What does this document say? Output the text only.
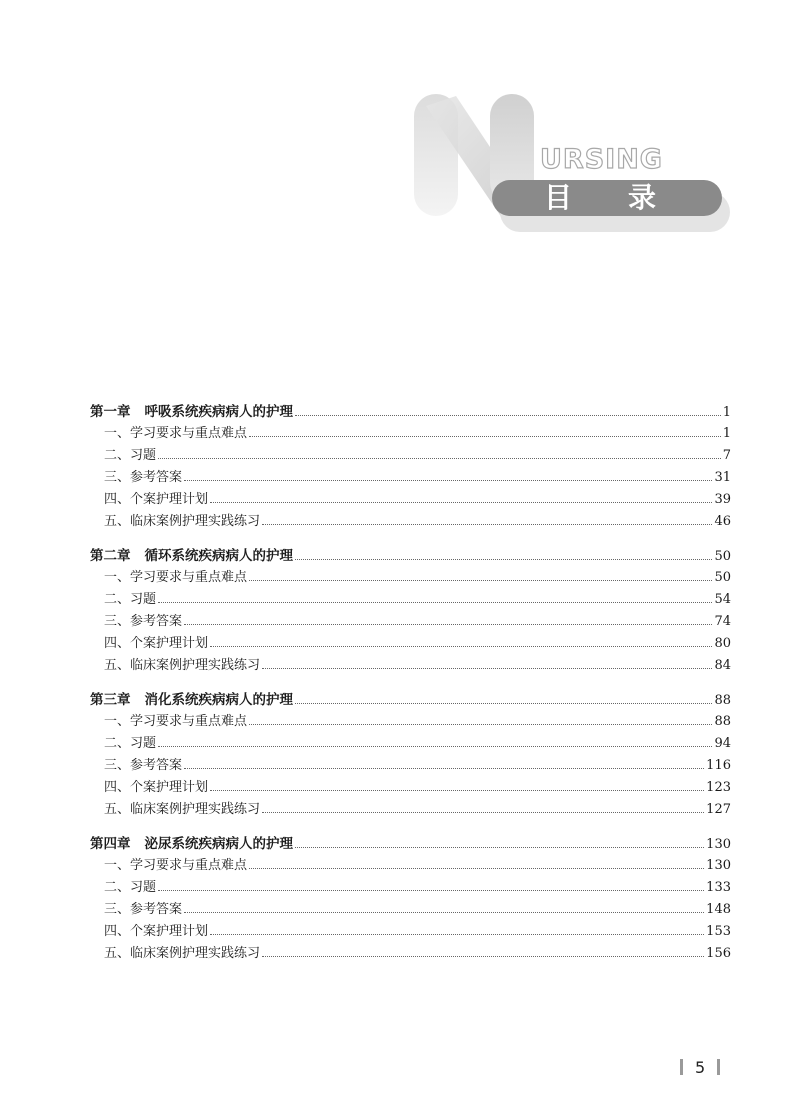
URSING
目　录
第一章 呼吸系统疾病病人的护理	1
一、学习要求与重点难点	1
二、习题	7
三、参考答案	31
四、个案护理计划	39
五、临床案例护理实践练习	46
第二章 循环系统疾病病人的护理	50
一、学习要求与重点难点	50
二、习题	54
三、参考答案	74
四、个案护理计划	80
五、临床案例护理实践练习	84
第三章 消化系统疾病病人的护理	88
一、学习要求与重点难点	88
二、习题	94
三、参考答案	116
四、个案护理计划	123
五、临床案例护理实践练习	127
第四章 泌尿系统疾病病人的护理	130
一、学习要求与重点难点	130
二、习题	133
三、参考答案	148
四、个案护理计划	153
五、临床案例护理实践练习	156
5
